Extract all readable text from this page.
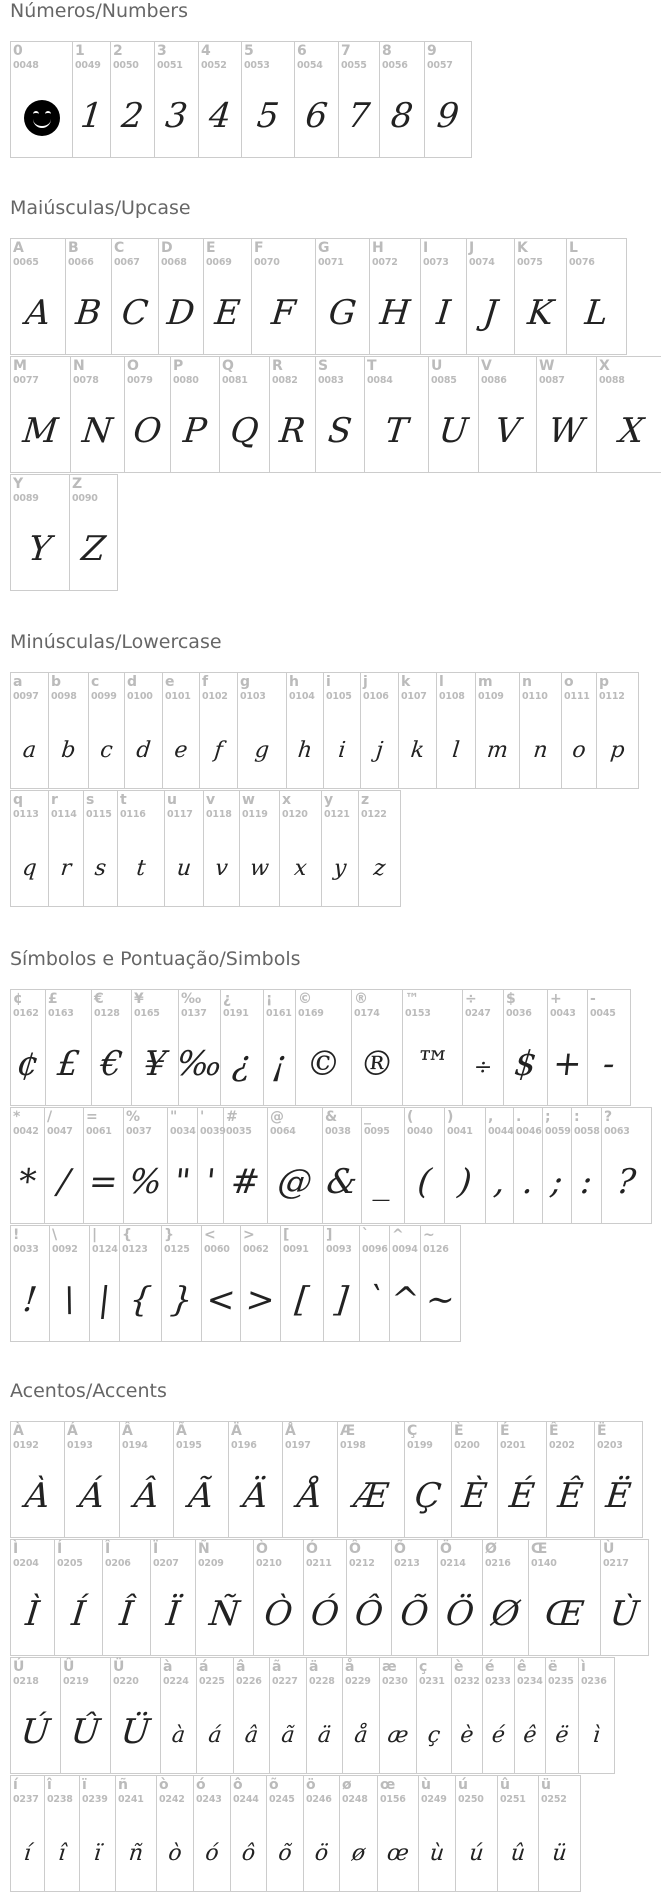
Números/Numbers
0
0048
1
0049
1
2
0050
2
3
0051
3
4
0052
4
5
0053
5
6
0054
6
7
0055
7
8
0056
8
9
0057
9
Maiúsculas/Upcase
A
0065
A
B
0066
B
C
0067
C
D
0068
D
E
0069
E
F
0070
F
G
0071
G
H
0072
H
I
0073
I
J
0074
J
K
0075
K
L
0076
L
M
0077
M
N
0078
N
O
0079
O
P
0080
P
Q
0081
Q
R
0082
R
S
0083
S
T
0084
T
U
0085
U
V
0086
V
W
0087
W
X
0088
X
Y
0089
Y
Z
0090
Z
Minúsculas/Lowercase
a
0097
a
b
0098
b
c
0099
c
d
0100
d
e
0101
e
f
0102
f
g
0103
g
h
0104
h
i
0105
i
j
0106
j
k
0107
k
l
0108
l
m
0109
m
n
0110
n
o
0111
o
p
0112
p
q
0113
q
r
0114
r
s
0115
s
t
0116
t
u
0117
u
v
0118
v
w
0119
w
x
0120
x
y
0121
y
z
0122
z
Símbolos e Pontuação/Simbols
¢
0162
¢
£
0163
£
€
0128
€
¥
0165
¥
‰
0137
‰
¿
0191
¿
¡
0161
¡
©
0169
©
®
0174
®
™
0153
™
÷
0247
÷
$
0036
$
+
0043
+
-
0045
-
*
0042
*
/
0047
/
=
0061
=
%
0037
%
"
0034
"
'
0039
'
#
0035
#
@
0064
@
&
0038
&
_
0095
_
(
0040
(
)
0041
)
,
0044
,
.
0046
.
;
0059
;
:
0058
:
?
0063
?
!
0033
!
\
0092
\
|
0124
|
{
0123
{
}
0125
}
<
0060
<
>
0062
>
[
0091
[
]
0093
]
`
0096
`
^
0094
^
~
0126
~
Acentos/Accents
À
0192
À
Á
0193
Á
Â
0194
Â
Ã
0195
Ã
Ä
0196
Ä
Å
0197
Å
Æ
0198
Æ
Ç
0199
Ç
È
0200
È
É
0201
É
Ê
0202
Ê
Ë
0203
Ë
Ì
0204
Ì
Í
0205
Í
Î
0206
Î
Ï
0207
Ï
Ñ
0209
Ñ
Ò
0210
Ò
Ó
0211
Ó
Ô
0212
Ô
Õ
0213
Õ
Ö
0214
Ö
Ø
0216
Ø
Œ
0140
Œ
Ù
0217
Ù
Ú
0218
Ú
Û
0219
Û
Ü
0220
Ü
à
0224
à
á
0225
á
â
0226
â
ã
0227
ã
ä
0228
ä
å
0229
å
æ
0230
æ
ç
0231
ç
è
0232
è
é
0233
é
ê
0234
ê
ë
0235
ë
ì
0236
ì
í
0237
í
î
0238
î
ï
0239
ï
ñ
0241
ñ
ò
0242
ò
ó
0243
ó
ô
0244
ô
õ
0245
õ
ö
0246
ö
ø
0248
ø
œ
0156
œ
ù
0249
ù
ú
0250
ú
û
0251
û
ü
0252
ü
